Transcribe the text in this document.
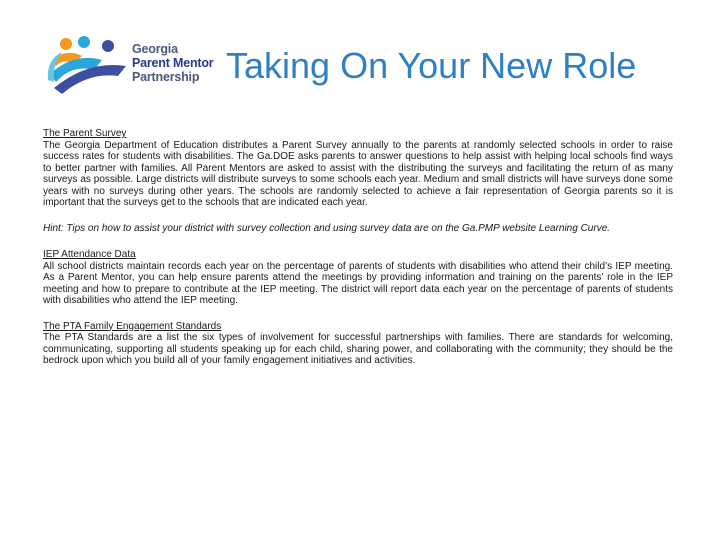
Georgia
Parent Mentor
Partnership Taking On Your New Role
The Parent Survey
The Georgia Department of Education distributes a Parent Survey annually to the parents at randomly selected schools in order to raise success rates for students with disabilities. The Ga.DOE asks parents to answer questions to help assist with helping local schools find ways to better partner with families. All Parent Mentors are asked to assist with the distributing the surveys and facilitating the return of as many surveys as possible. Large districts will distribute surveys to some schools each year. Medium and small districts will have surveys done some years with no surveys during other years. The schools are randomly selected to achieve a fair representation of Georgia parents so it is important that the surveys get to the schools that are indicated each year.
Hint: Tips on how to assist your district with survey collection and using survey data are on the Ga.PMP website Learning Curve.
IEP Attendance Data
All school districts maintain records each year on the percentage of parents of students with disabilities who attend their child’s IEP meeting. As a Parent Mentor, you can help ensure parents attend the meetings by providing information and training on the parents’ role in the IEP meeting and how to prepare to contribute at the IEP meeting. The district will report data each year on the percentage of parents of students with disabilities who attend the IEP meeting.
The PTA Family Engagement Standards
The PTA Standards are a list the six types of involvement for successful partnerships with families. There are standards for welcoming, communicating, supporting all students speaking up for each child, sharing power, and collaborating with the community; they should be the bedrock upon which you build all of your family engagement initiatives and activities.
